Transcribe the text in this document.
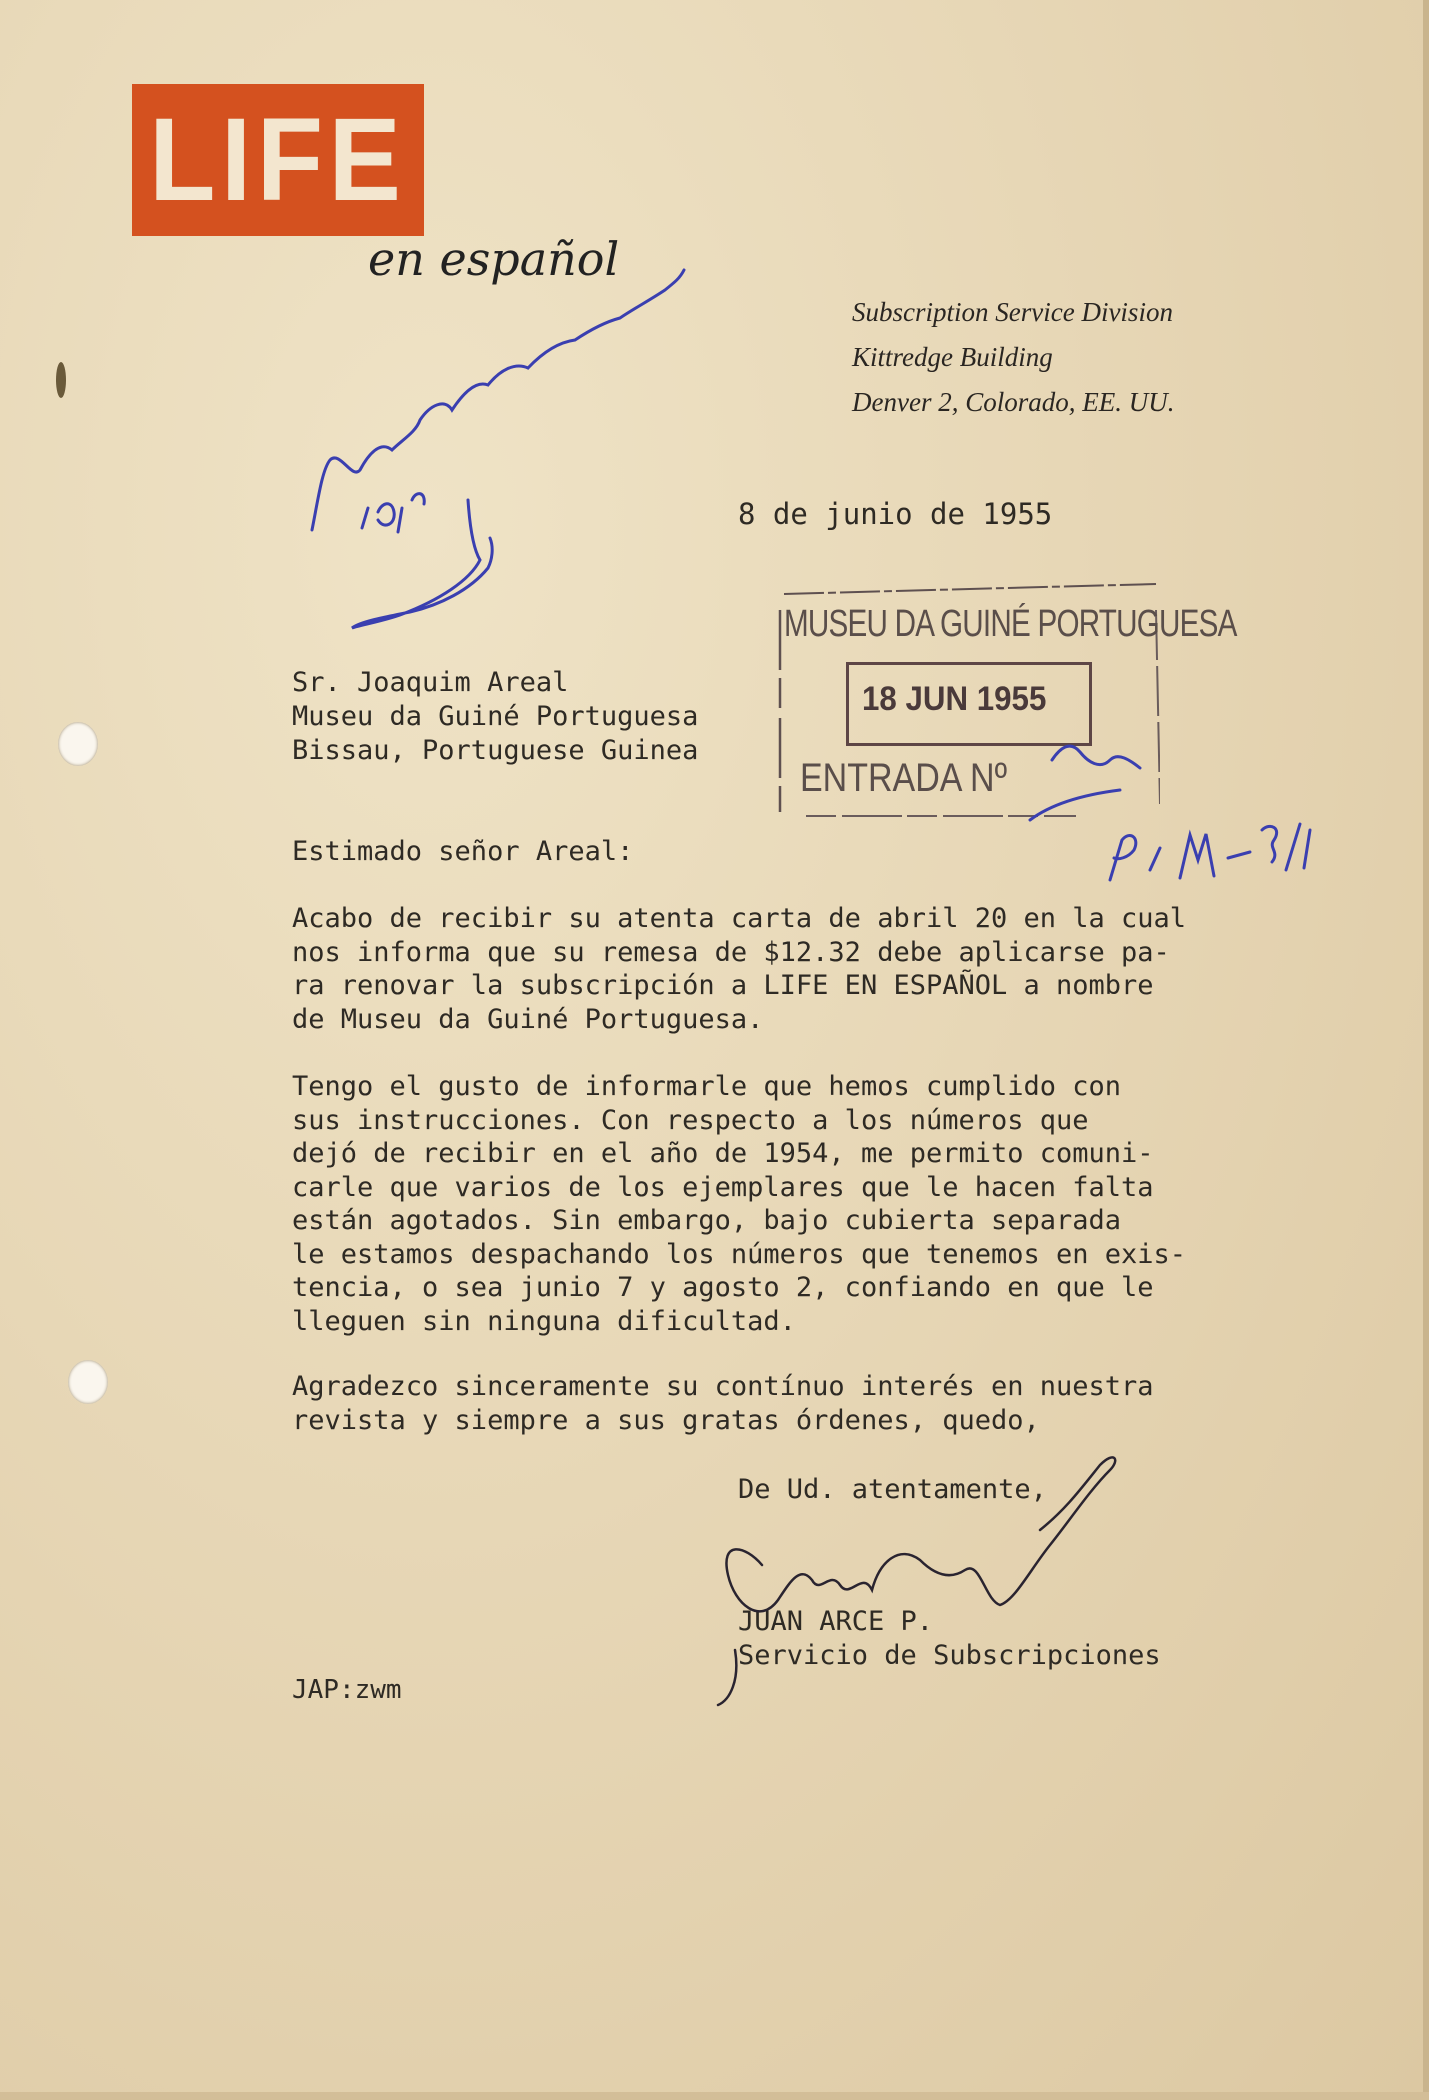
LIFE
en español
Subscription Service Division
Kittredge Building
Denver 2, Colorado, EE. UU.
8 de junio de 1955
MUSEU DA GUINÉ PORTUGUESA
18 JUN 1955
ENTRADA Nº
Sr. Joaquim Areal
Museu da Guiné Portuguesa
Bissau, Portuguese Guinea
Estimado señor Areal:
Acabo de recibir su atenta carta de abril 20 en la cual
nos informa que su remesa de $12.32 debe aplicarse pa-
ra renovar la subscripción a LIFE EN ESPAÑOL a nombre
de Museu da Guiné Portuguesa.
Tengo el gusto de informarle que hemos cumplido con
sus instrucciones. Con respecto a los números que
dejó de recibir en el año de 1954, me permito comuni-
carle que varios de los ejemplares que le hacen falta
están agotados. Sin embargo, bajo cubierta separada
le estamos despachando los números que tenemos en exis-
tencia, o sea junio 7 y agosto 2, confiando en que le
lleguen sin ninguna dificultad.
Agradezco sinceramente su contínuo interés en nuestra
revista y siempre a sus gratas órdenes, quedo,
De Ud. atentamente,
JUAN ARCE P.
Servicio de Subscripciones
JAP:zwm
